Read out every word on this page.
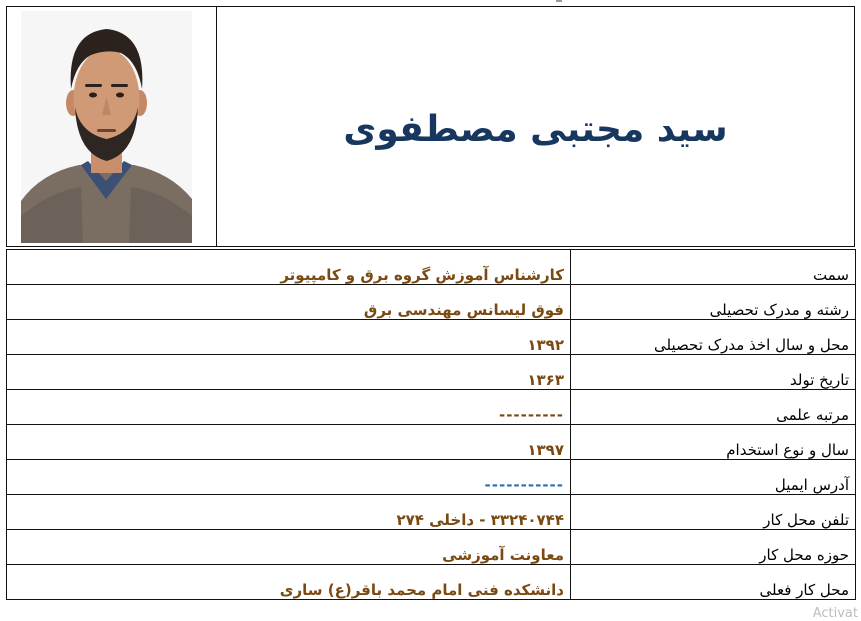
سید مجتبی مصطفوی
سمت	کارشناس آموزش گروه برق و کامپیوتر
رشته و مدرک تحصیلی	فوق لیسانس مهندسی برق
محل و سال اخذ مدرک تحصیلی	۱۳۹۲
تاریخ تولد	۱۳۶۳
مرتبه علمی	---------
سال و نوع استخدام	۱۳۹۷
آدرس ایمیل	-----------
تلفن محل کار	۳۳۲۴۰۷۴۴ - داخلی ۲۷۴
حوزه محل کار	معاونت آموزشی
محل کار فعلی	دانشکده فنی امام محمد باقر(ع) ساری
Activat
